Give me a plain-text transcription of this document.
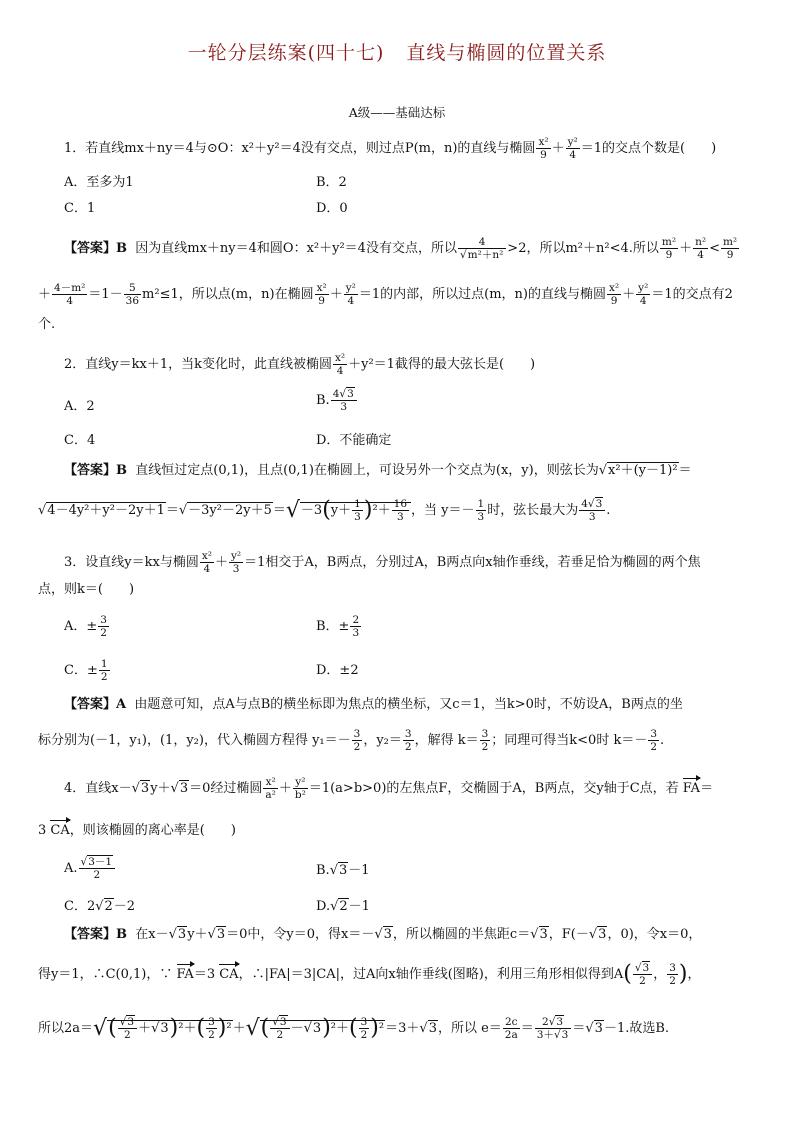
一轮分层练案(四十七) 直线与椭圆的位置关系
A级——基础达标
1．若直线mx＋ny＝4与⊙O：x²＋y²＝4没有交点，则过点P(m，n)的直线与椭圆 $\frac{\text{x²}}{9} + \frac{\text{y²}}{4} =1$的交点个数是(　　)
A．至多为1	B．2
C．1	D．0
【答案】B 因为直线mx＋ny＝4和圆O：x²＋y²＝4没有交点，所以 4
√ m²＋n² >2，所以m²＋n²<4.所以 $\frac{\text{m²}}{9} + \frac{\text{n²}}{4} < \frac{\text{m²}}{9}$
＋ $\frac{\text{4－m²}}{4} =1- \frac{5}{36} m^2\le 1$，所以点(m，n)在椭圆 $\frac{\text{x²}}{9} + \frac{\text{y²}}{4} =1$的内部，所以过点(m，n)的直线与椭圆 $\frac{\text{x²}}{9} + \frac{\text{y²}}{4} =1$的交点有2
个.
2．直线y＝kx＋1，当k变化时，此直线被椭圆 $\frac{\text{x²}}{4} +y^2=1$截得的最大弦长是(　　)
A．2	B. $\frac{4√ 3}{3}$
C．4	D．不能确定
【答案】B 直线恒过定点(0,1)，且点(0,1)在椭圆上，可设另外一个交点为(x，y)，则弦长为√ x²＋(y－1)²＝
√ $4-4y^2+y^2-2y+1=√ -3y^2-2y+5=√ -3(y+ \frac{1}{3} )^2+ \frac{16}{3}$ ，当 $y=- \frac{1}{3}$ 时，弦长最大为 $\frac{4√ 3}{3}$ .
3．设直线y＝kx与椭圆 $\frac{\text{x²}}{4} + \frac{\text{y²}}{3} =1$相交于A，B两点，分别过A，B两点向x轴作垂线，若垂足恰为椭圆的两个焦
点，则k＝(　　)
A．± $\frac{3}{2}$	B．± $\frac{2}{3}$
C．± $\frac{1}{2}$	D．±2
【答案】A 由题意可知，点A与点B的横坐标即为焦点的横坐标，又c＝1，当k>0时，不妨设A，B两点的坐
标分别为(－1，y₁)，(1，y₂)，代入椭圆方程得 $y_1=- \frac{3}{2}$ ，$y_2= \frac{3}{2}$ ，解得 $k= \frac{3}{2}$ ；同理可得当k<0时 $k=- \frac{3}{2}$ .
4．直线x－√ 3y＋√ 3＝0经过椭圆 $\frac{\text{x²}}{\text{a²}} + \frac{\text{y²}}{\text{b²}} =1(a>b>0)$的左焦点F，交椭圆于A，B两点，交y轴于C点，若 FA＝
3 CA，则该椭圆的离心率是(　　)
A.
√ $\frac{3-1}{2}$	B.√ 3－1
C．2√ 2－2	D.√ 2－1
【答案】B 在x－√ 3y＋√ 3＝0中，令y＝0，得x＝－√ 3，所以椭圆的半焦距c＝√ 3，F(－√ 3，0)，令x＝0，
得y＝1，∴C(0,1)，∵ FA＝3 CA，∴|FA|＝3|CA|，过A向x轴作垂线(图略)，利用三角形相似得到A(
√ $\frac{3}{2}$ ， $\frac{3}{2}$ )，
所以2a＝√ (
√ $\frac{3}{2}$ ＋√ $3)^2+( \frac{3}{2} )^2+√$ (
√ $\frac{3}{2}$ －√ $3)^2+( \frac{3}{2} )^2=3+√$ 3，所以 $e= \frac{2c}{2a} = \frac{2√ 3}{3+√ 3}$ ＝√ 3－1.故选B.
